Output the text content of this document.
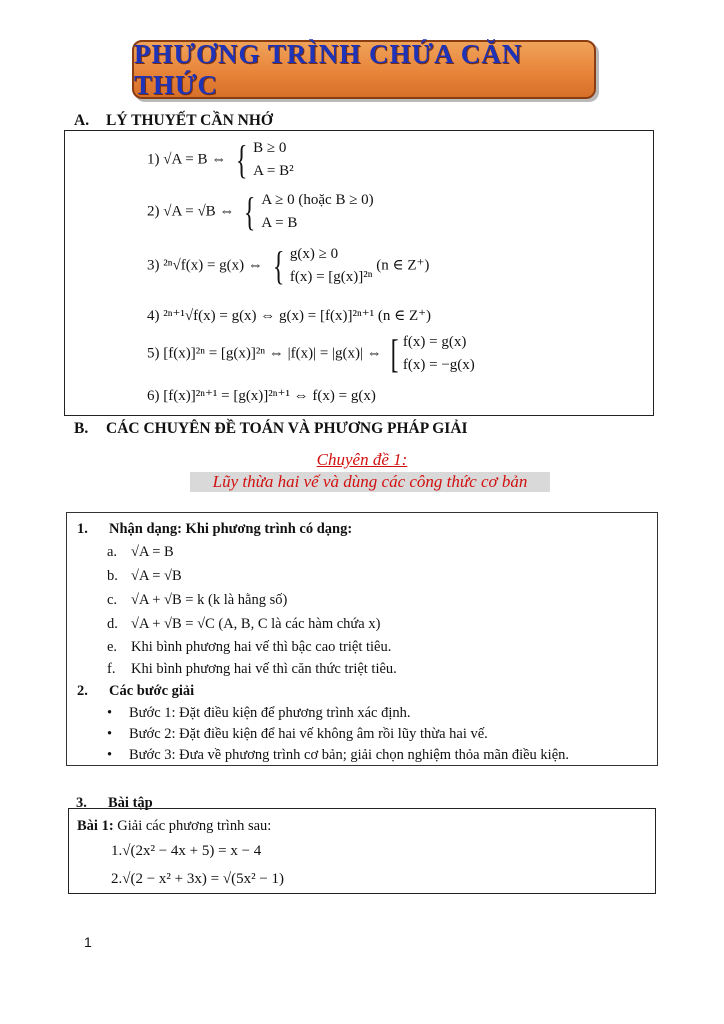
PHƯƠNG TRÌNH CHỨA CĂN THỨC
A. LÝ THUYẾT CẦN NHỚ
1) √A = B ⇔ { B ≥ 0
A = B²
2) √A = √B ⇔ { A ≥ 0 (hoặc B ≥ 0)
A = B
3) ²ⁿ√f(x) = g(x) ⇔ { g(x) ≥ 0
f(x) = [g(x)]²ⁿ
(n ∈ Z⁺)
4) ²ⁿ⁺¹√f(x) = g(x) ⇔ g(x) = [f(x)]²ⁿ⁺¹ (n ∈ Z⁺)
5) [f(x)]²ⁿ = [g(x)]²ⁿ ⇔ |f(x)| = |g(x)| ⇔ [ f(x) = g(x)
f(x) = −g(x)
6) [f(x)]²ⁿ⁺¹ = [g(x)]²ⁿ⁺¹ ⇔ f(x) = g(x)
B. CÁC CHUYÊN ĐỀ TOÁN VÀ PHƯƠNG PHÁP GIẢI
Chuyên đề 1:
Lũy thừa hai vế và dùng các công thức cơ bản
1. Nhận dạng: Khi phương trình có dạng:
a. √A = B
b. √A = √B
c. √A + √B = k (k là hằng số)
d. √A + √B = √C (A, B, C là các hàm chứa x)
e. Khi bình phương hai vế thì bậc cao triệt tiêu.
f. Khi bình phương hai vế thì căn thức triệt tiêu.
2. Các bước giải
• Bước 1: Đặt điều kiện để phương trình xác định.
• Bước 2: Đặt điều kiện để hai vế không âm rồi lũy thừa hai vế.
• Bước 3: Đưa về phương trình cơ bản; giải chọn nghiệm thỏa mãn điều kiện.
3. Bài tập
Bài 1: Giải các phương trình sau:
1.√(2x² − 4x + 5) = x − 4
2.√(2 − x² + 3x) = √(5x² − 1)
1
